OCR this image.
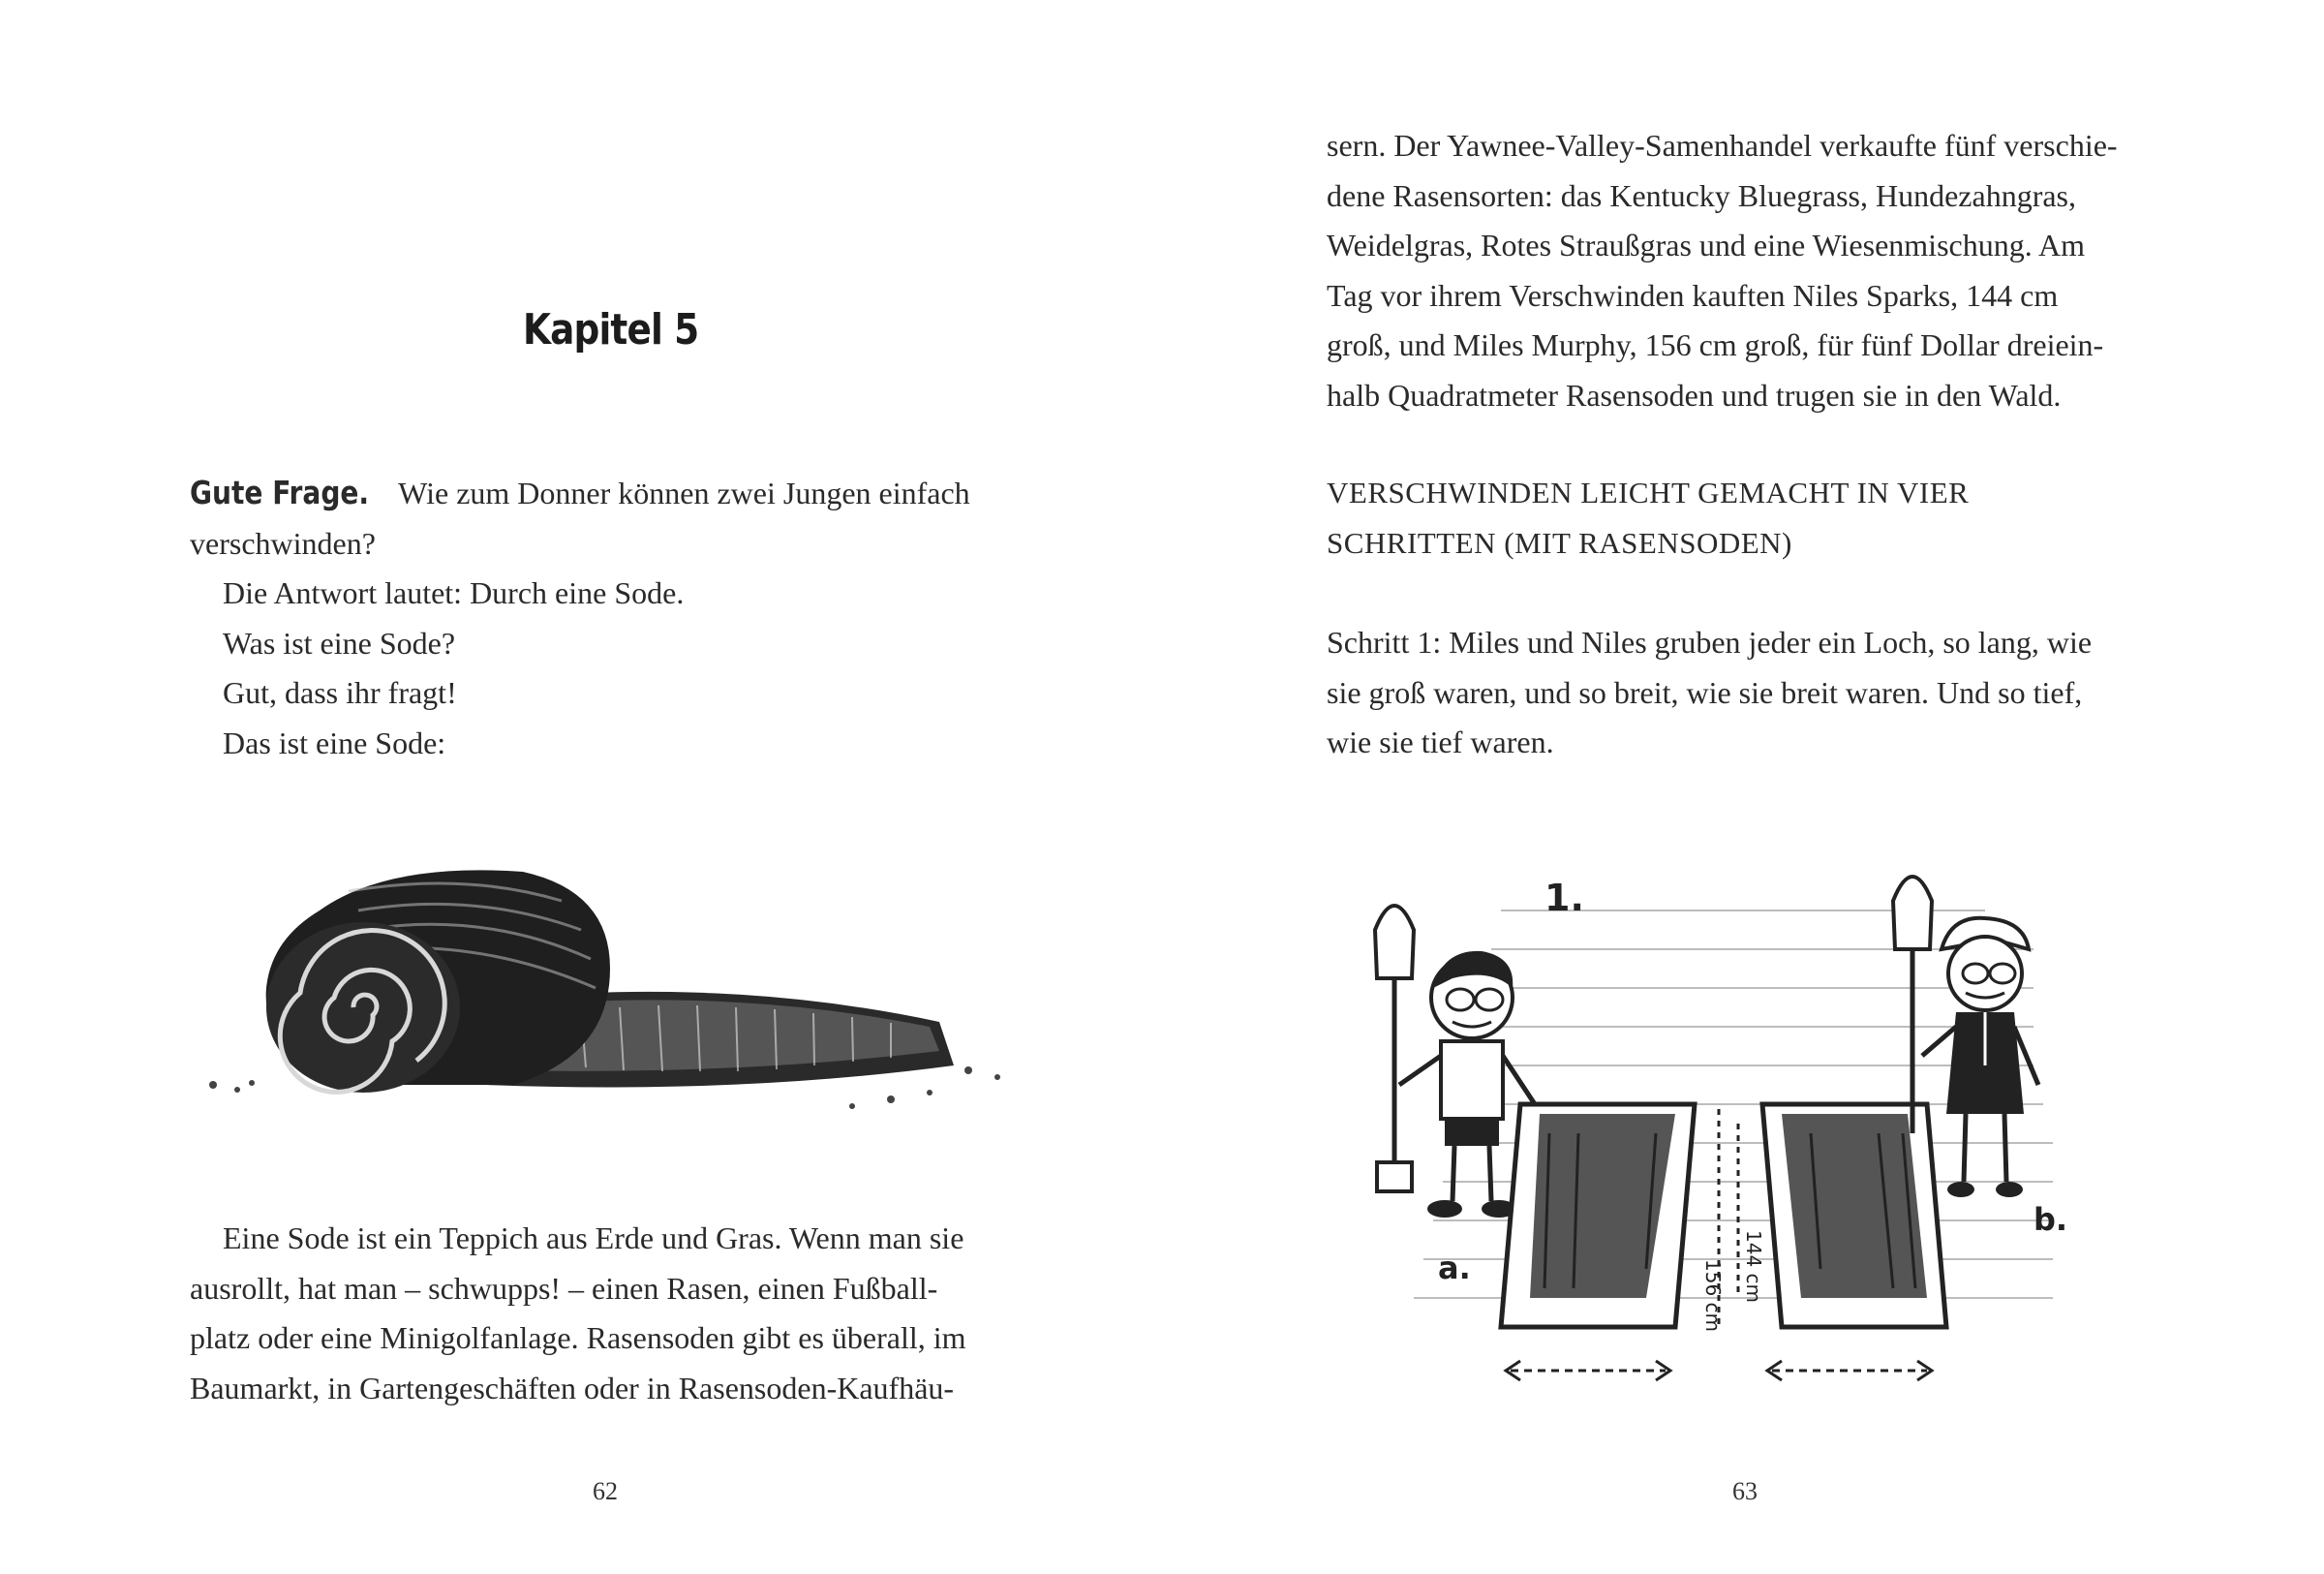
Kapitel 5
Gute Frage. Wie zum Donner können zwei Jungen einfach
verschwinden?
Die Antwort lautet: Durch eine Sode.
Was ist eine Sode?
Gut, dass ihr fragt!
Das ist eine Sode:
Eine Sode ist ein Teppich aus Erde und Gras. Wenn man sie
ausrollt, hat man – schwupps! – einen Rasen, einen Fußball-
platz oder eine Minigolfanlage. Rasensoden gibt es überall, im
Baumarkt, in Gartengeschäften oder in Rasensoden-Kaufhäu-
62
sern. Der Yawnee-Valley-Samenhandel verkaufte fünf verschie-
dene Rasensorten: das Kentucky Bluegrass, Hundezahngras,
Weidelgras, Rotes Straußgras und eine Wiesenmischung. Am
Tag vor ihrem Verschwinden kauften Niles Sparks, 144 cm
groß, und Miles Murphy, 156 cm groß, für fünf Dollar dreiein-
halb Quadratmeter Rasensoden und trugen sie in den Wald.
VERSCHWINDEN LEICHT GEMACHT IN VIER
SCHRITTEN (MIT RASENSODEN)
Schritt 1: Miles und Niles gruben jeder ein Loch, so lang, wie
sie groß waren, und so breit, wie sie breit waren. Und so tief,
wie sie tief waren.
1.
a.	156 cm 144 cm
b.
63
